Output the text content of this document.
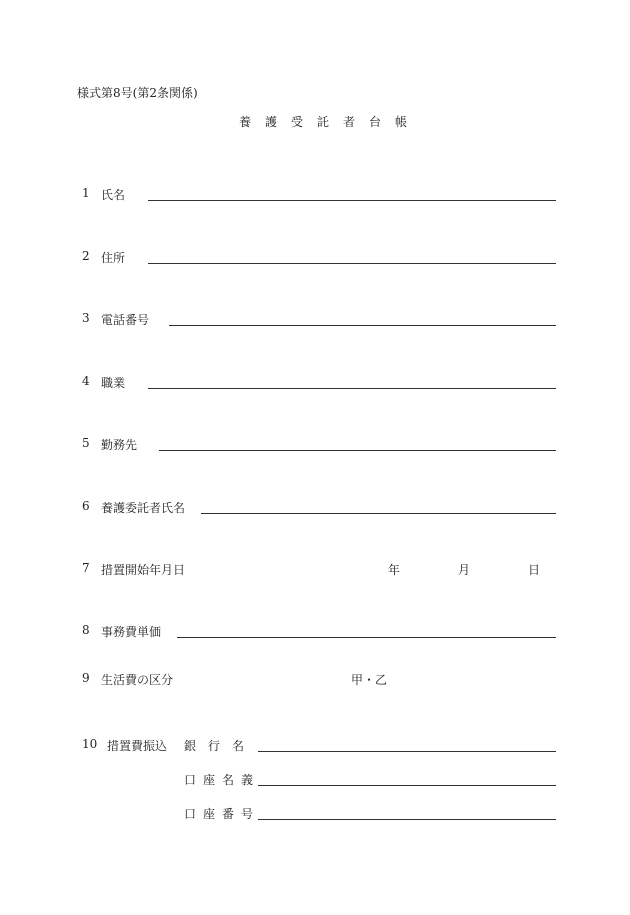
様式第8号(第2条関係)
養護受託者台帳
1 氏名
2 住所
3 電話番号
4 職業
5 勤務先
6 養護委託者氏名
7 措置開始年月日	年	月	日
8 事務費単価
9 生活費の区分	甲・乙
10 措置費振込 銀行名
口座名義
口座番号
